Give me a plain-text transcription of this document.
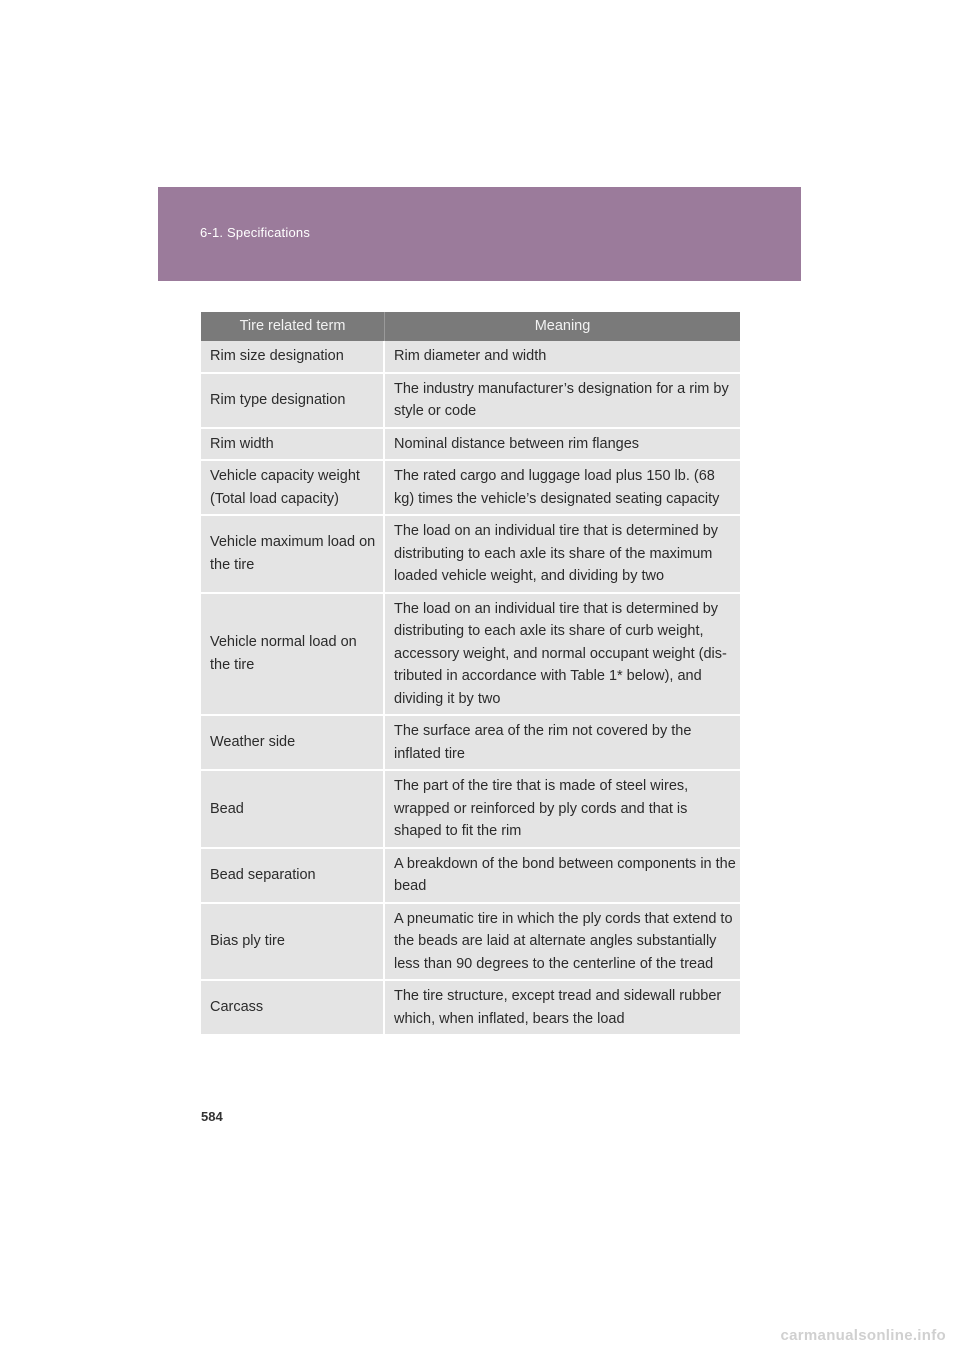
6-1. Specifications
Tire related term	Meaning
Rim size designation	Rim diameter and width
Rim type designation	The industry manufacturer’s designation for a rim by style or code
Rim width	Nominal distance between rim flanges
Vehicle capacity weight (Total load capacity)	The rated cargo and luggage load plus 150 lb. (68 kg) times the vehicle’s designated seating capacity
Vehicle maximum load on the tire	The load on an individual tire that is determined by distributing to each axle its share of the maximum loaded vehicle weight, and dividing by two
Vehicle normal load on the tire	The load on an individual tire that is determined by distributing to each axle its share of curb weight, accessory weight, and normal occupant weight (dis-tributed in accordance with Table 1* below), and dividing it by two
Weather side	The surface area of the rim not covered by the inflated tire
Bead	The part of the tire that is made of steel wires, wrapped or reinforced by ply cords and that is shaped to fit the rim
Bead separation	A breakdown of the bond between components in the bead
Bias ply tire	A pneumatic tire in which the ply cords that extend to the beads are laid at alternate angles substantially less than 90 degrees to the centerline of the tread
Carcass	The tire structure, except tread and sidewall rubber which, when inflated, bears the load
584
carmanualsonline.info
